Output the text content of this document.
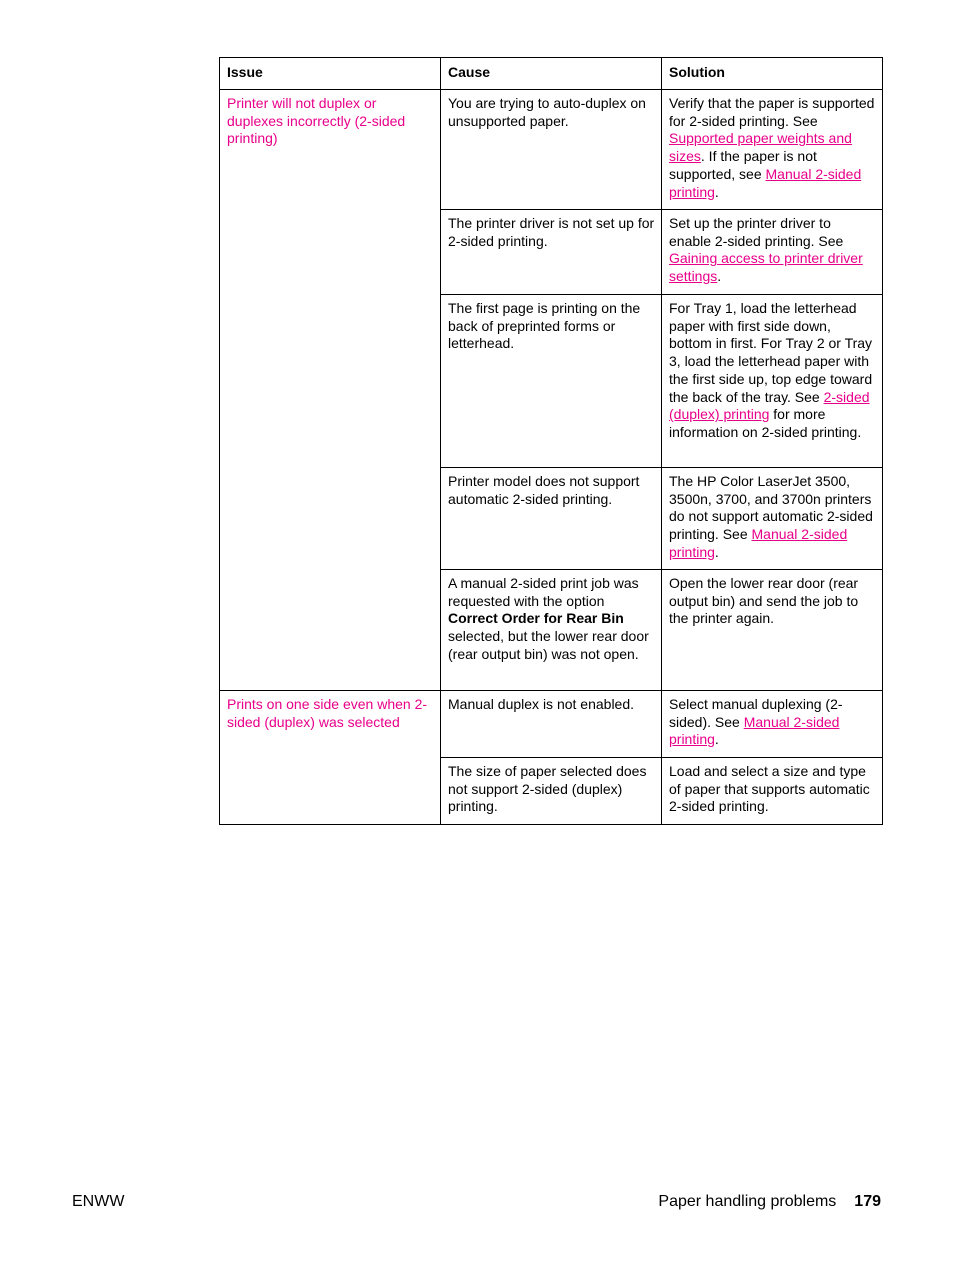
Issue	Cause	Solution
Printer will not duplex or duplexes incorrectly (2-sided printing)	You are trying to auto-duplex on unsupported paper.	Verify that the paper is supported for 2-sided printing. See Supported paper weights and sizes. If the paper is not supported, see Manual 2-sided printing.
	The printer driver is not set up for 2-sided printing.	Set up the printer driver to enable 2-sided printing. See Gaining access to printer driver settings.
	The first page is printing on the back of preprinted forms or letterhead.	For Tray 1, load the letterhead paper with first side down, bottom in first. For Tray 2 or Tray 3, load the letterhead paper with the first side up, top edge toward the back of the tray. See 2-sided (duplex) printing for more information on 2-sided printing.
	Printer model does not support automatic 2-sided printing.	The HP Color LaserJet 3500, 3500n, 3700, and 3700n printers do not support automatic 2-sided printing. See Manual 2-sided printing.
	A manual 2-sided print job was requested with the option Correct Order for Rear Bin selected, but the lower rear door (rear output bin) was not open.	Open the lower rear door (rear output bin) and send the job to the printer again.
Prints on one side even when 2-sided (duplex) was selected	Manual duplex is not enabled.	Select manual duplexing (2-sided). See Manual 2-sided printing.
	The size of paper selected does not support 2-sided (duplex) printing.	Load and select a size and type of paper that supports automatic 2-sided printing.
ENWW	Paper handling problems 179
